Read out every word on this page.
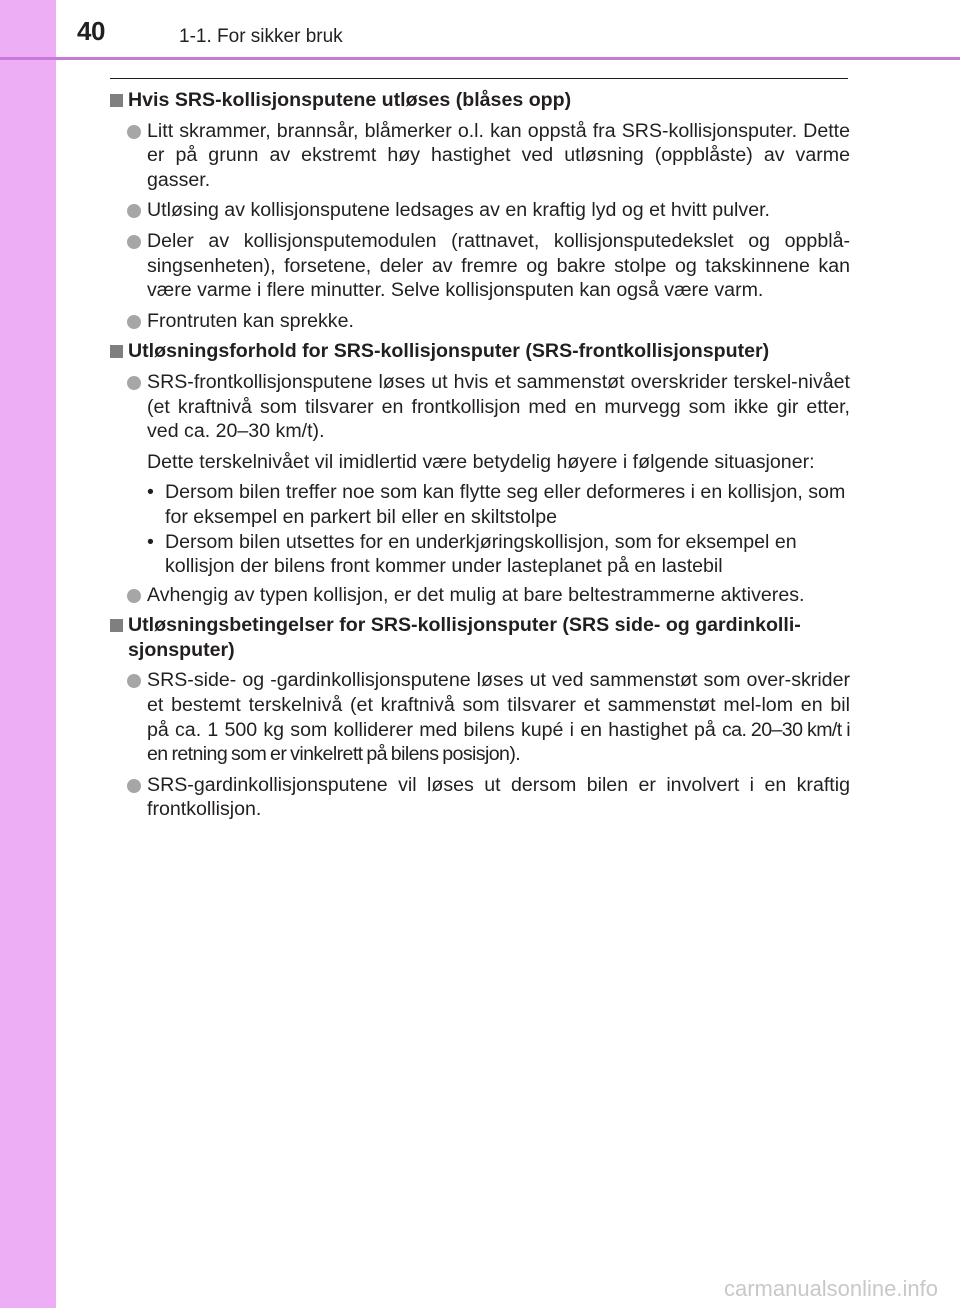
40	1-1. For sikker bruk
Hvis SRS-kollisjonsputene utløses (blåses opp)
Litt skrammer, brannsår, blåmerker o.l. kan oppstå fra SRS-kollisjonsputer. Dette er på grunn av ekstremt høy hastighet ved utløsning (oppblåste) av varme gasser.
Utløsing av kollisjonsputene ledsages av en kraftig lyd og et hvitt pulver.
Deler av kollisjonsputemodulen (rattnavet, kollisjonsputedekslet og oppblå-singsenheten), forsetene, deler av fremre og bakre stolpe og takskinnene kan være varme i flere minutter. Selve kollisjonsputen kan også være varm.
Frontruten kan sprekke.
Utløsningsforhold for SRS-kollisjonsputer (SRS-frontkollisjonsputer)
SRS-frontkollisjonsputene løses ut hvis et sammenstøt overskrider terskel-nivået (et kraftnivå som tilsvarer en frontkollisjon med en murvegg som ikke gir etter, ved ca. 20–30 km/t).
Dette terskelnivået vil imidlertid være betydelig høyere i følgende situasjoner:
• Dersom bilen treffer noe som kan flytte seg eller deformeres i en kollisjon, som for eksempel en parkert bil eller en skiltstolpe
• Dersom bilen utsettes for en underkjøringskollisjon, som for eksempel en kollisjon der bilens front kommer under lasteplanet på en lastebil
Avhengig av typen kollisjon, er det mulig at bare beltestrammerne aktiveres.
Utløsningsbetingelser for SRS-kollisjonsputer (SRS side- og gardinkolli-sjonsputer)
SRS-side- og -gardinkollisjonsputene løses ut ved sammenstøt som over-skrider et bestemt terskelnivå (et kraftnivå som tilsvarer et sammenstøt mel-lom en bil på ca. 1 500 kg som kolliderer med bilens kupé i en hastighet på ca. 20–30 km/t i en retning som er vinkelrett på bilens posisjon).
SRS-gardinkollisjonsputene vil løses ut dersom bilen er involvert i en kraftig frontkollisjon.
carmanualsonline.info
